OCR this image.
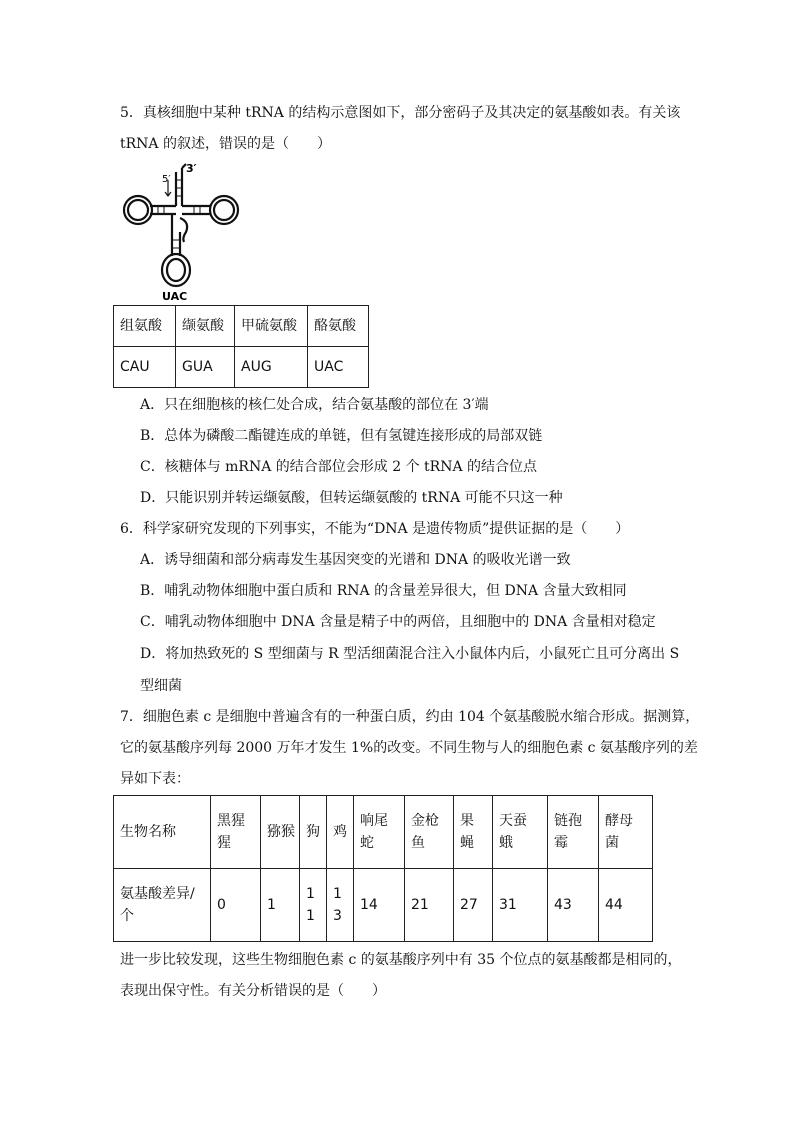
5．真核细胞中某种 tRNA 的结构示意图如下，部分密码子及其决定的氨基酸如表。有关该
tRNA 的叙述，错误的是（　　）
5′
3′
UAC
组氨酸	缬氨酸	甲硫氨酸	酪氨酸
CAU	GUA	AUG	UAC
A．只在细胞核的核仁处合成，结合氨基酸的部位在 3′端
B．总体为磷酸二酯键连成的单链，但有氢键连接形成的局部双链
C．核糖体与 mRNA 的结合部位会形成 2 个 tRNA 的结合位点
D．只能识别并转运缬氨酸，但转运缬氨酸的 tRNA 可能不只这一种
6．科学家研究发现的下列事实，不能为“DNA 是遗传物质”提供证据的是（　　）
A．诱导细菌和部分病毒发生基因突变的光谱和 DNA 的吸收光谱一致
B．哺乳动物体细胞中蛋白质和 RNA 的含量差异很大，但 DNA 含量大致相同
C．哺乳动物体细胞中 DNA 含量是精子中的两倍，且细胞中的 DNA 含量相对稳定
D．将加热致死的 S 型细菌与 R 型活细菌混合注入小鼠体内后，小鼠死亡且可分离出 S
型细菌
7．细胞色素 c 是细胞中普遍含有的一种蛋白质，约由 104 个氨基酸脱水缩合形成。据测算，
它的氨基酸序列每 2000 万年才发生 1%的改变。不同生物与人的细胞色素 c 氨基酸序列的差
异如下表：
生物名称	黑猩猩	猕猴	狗	鸡	响尾蛇	金枪鱼	果蝇	天蚕蛾	链孢霉	酵母菌

氨基酸差异/个	0	1	11	13	14	21	27	31	43	44
进一步比较发现，这些生物细胞色素 c 的氨基酸序列中有 35 个位点的氨基酸都是相同的，
表现出保守性。有关分析错误的是（　　）
